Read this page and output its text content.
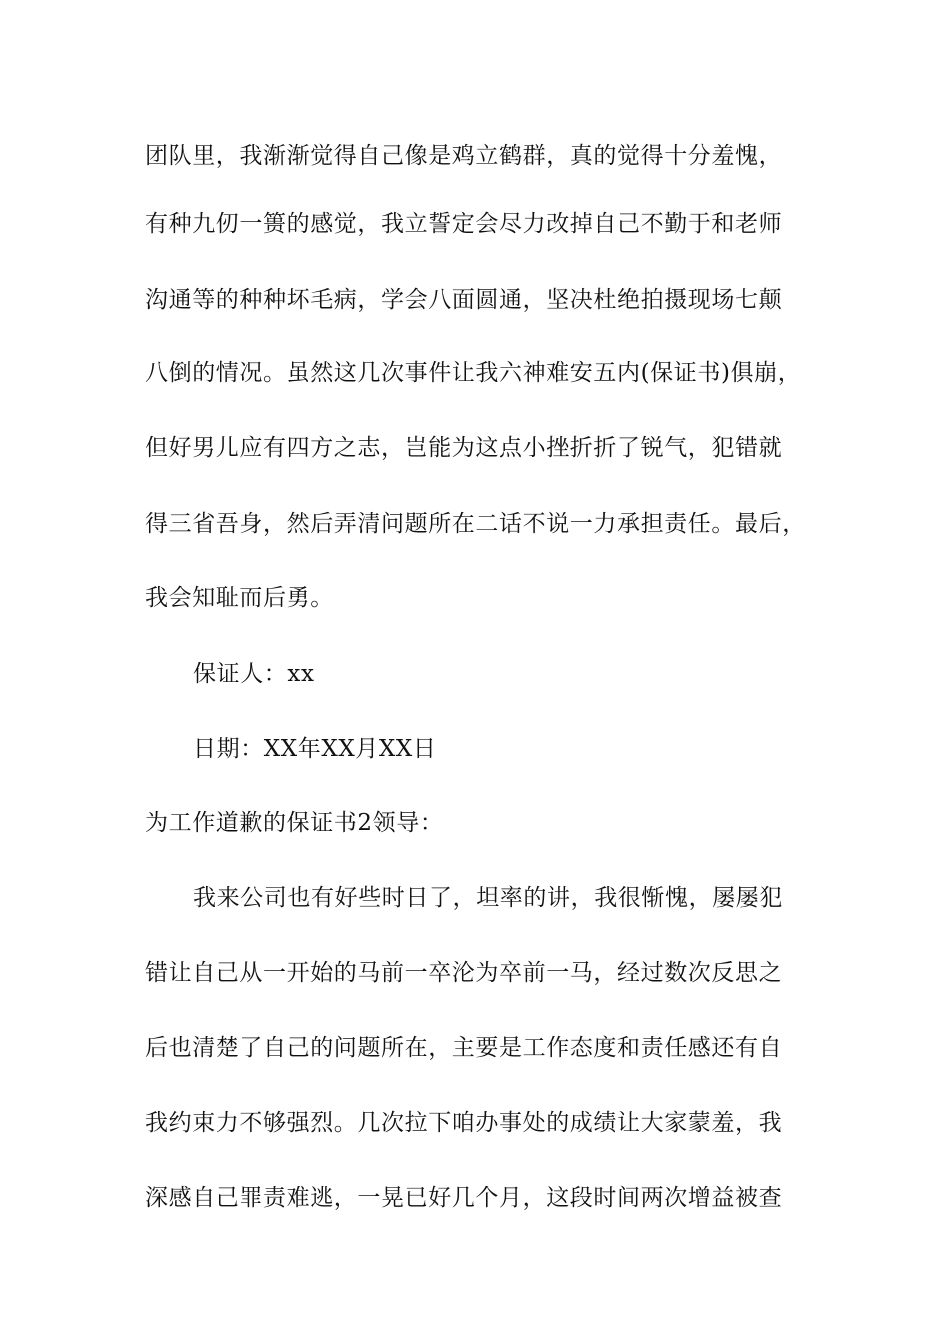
团队里，我渐渐觉得自己像是鸡立鹤群，真的觉得十分羞愧，
有种九仞一篑的感觉，我立誓定会尽力改掉自己不勤于和老师
沟通等的种种坏毛病，学会八面圆通，坚决杜绝拍摄现场七颠
八倒的情况。虽然这几次事件让我六神难安五内(保证书)俱崩，
但好男儿应有四方之志，岂能为这点小挫折折了锐气，犯错就
得三省吾身，然后弄清问题所在二话不说一力承担责任。最后，
我会知耻而后勇。
保证人：xx
日期：XX年XX月XX日
为工作道歉的保证书2领导：
我来公司也有好些时日了，坦率的讲，我很惭愧，屡屡犯
错让自己从一开始的马前一卒沦为卒前一马，经过数次反思之
后也清楚了自己的问题所在，主要是工作态度和责任感还有自
我约束力不够强烈。几次拉下咱办事处的成绩让大家蒙羞，我
深感自己罪责难逃，一晃已好几个月，这段时间两次增益被查
